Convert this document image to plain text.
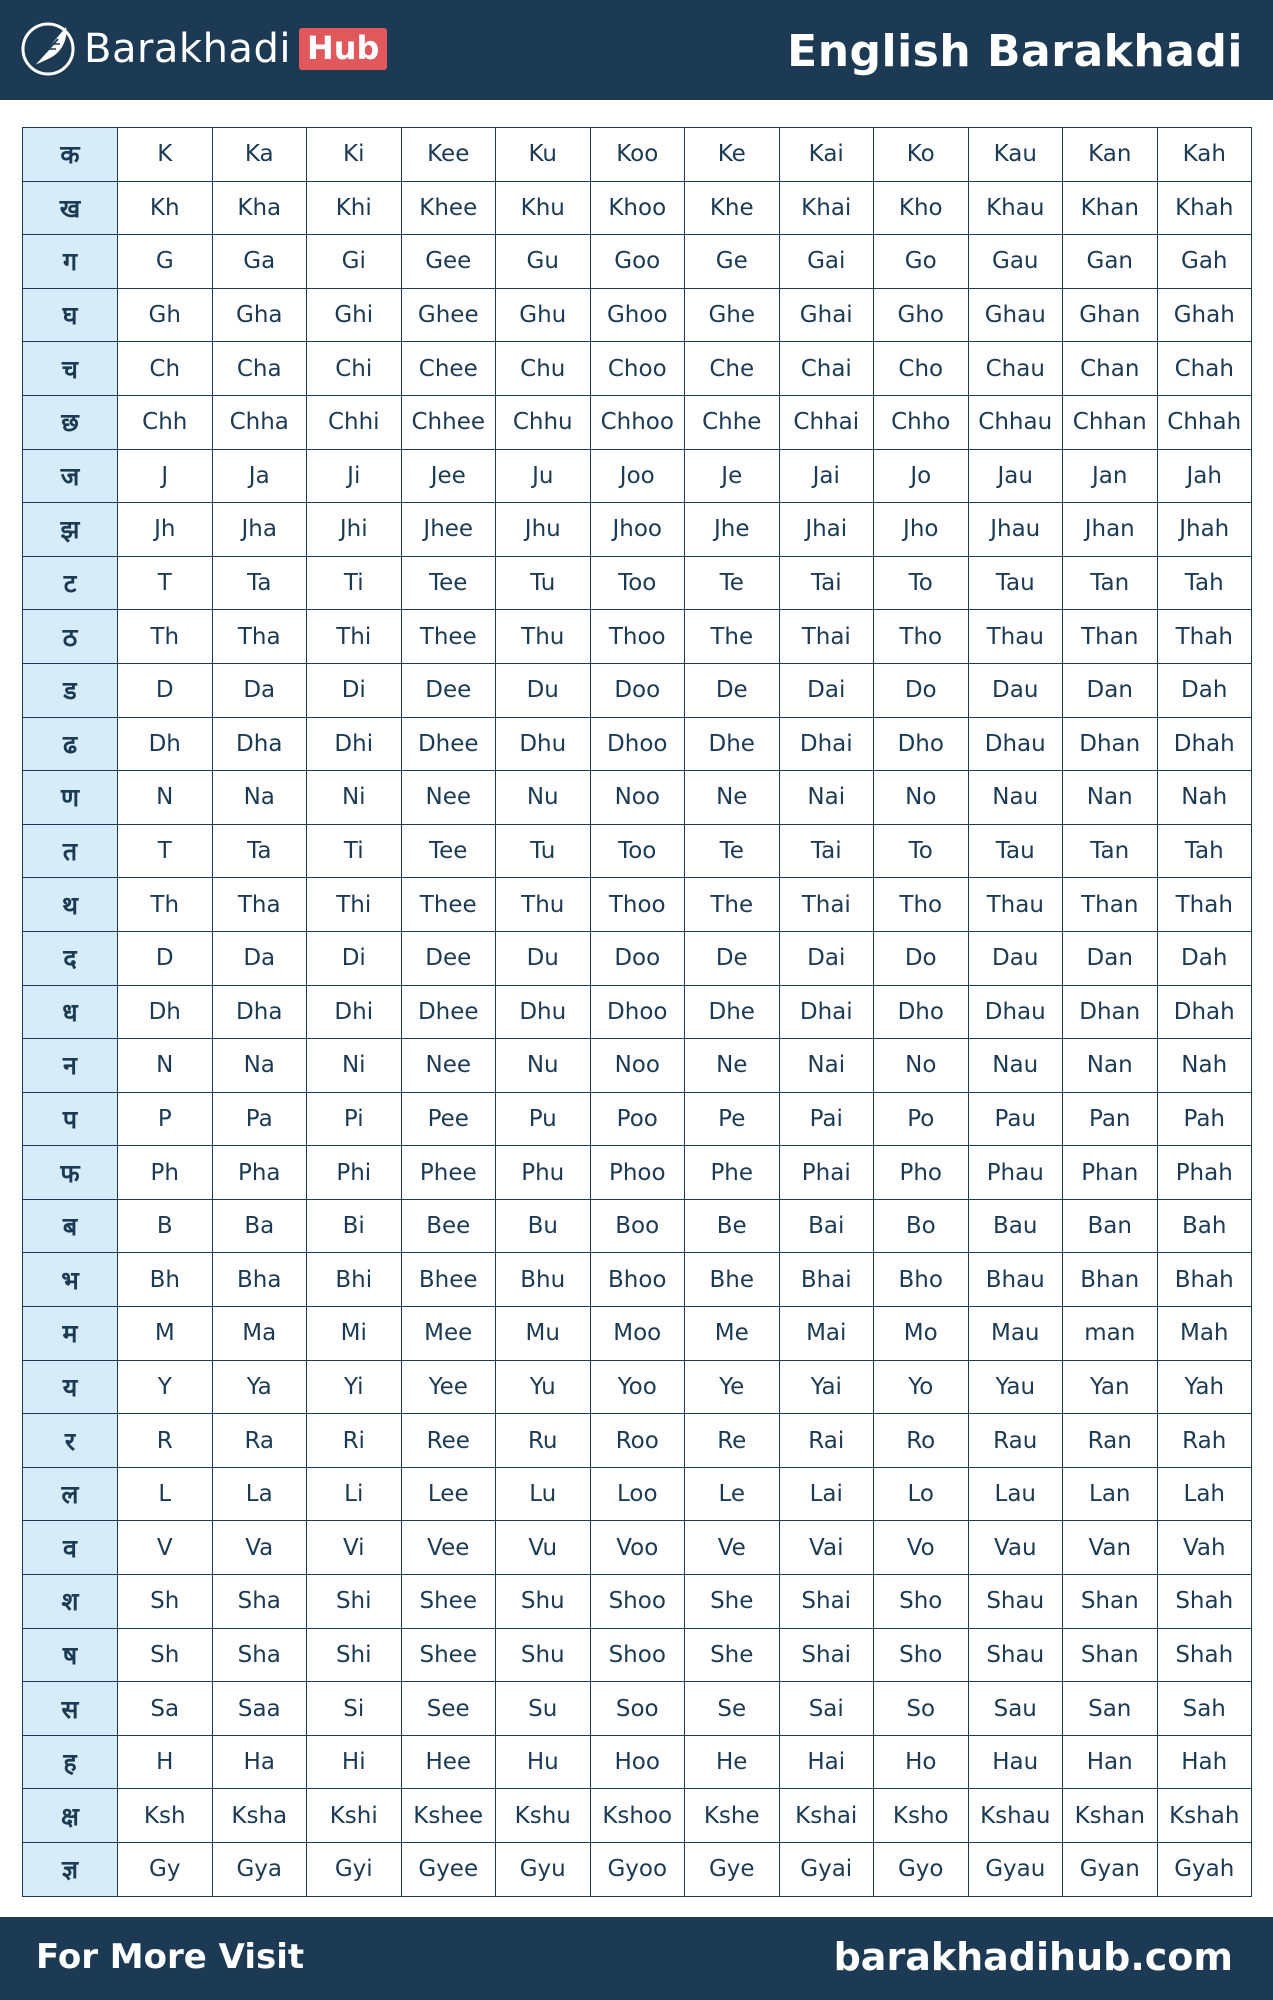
Barakhadi Hub	English Barakhadi
क	K	Ka	Ki	Kee	Ku	Koo	Ke	Kai	Ko	Kau	Kan	Kah
ख	Kh	Kha	Khi	Khee	Khu	Khoo	Khe	Khai	Kho	Khau	Khan	Khah
ग	G	Ga	Gi	Gee	Gu	Goo	Ge	Gai	Go	Gau	Gan	Gah
घ	Gh	Gha	Ghi	Ghee	Ghu	Ghoo	Ghe	Ghai	Gho	Ghau	Ghan	Ghah
च	Ch	Cha	Chi	Chee	Chu	Choo	Che	Chai	Cho	Chau	Chan	Chah
छ	Chh	Chha	Chhi	Chhee	Chhu	Chhoo	Chhe	Chhai	Chho	Chhau	Chhan	Chhah
ज	J	Ja	Ji	Jee	Ju	Joo	Je	Jai	Jo	Jau	Jan	Jah
झ	Jh	Jha	Jhi	Jhee	Jhu	Jhoo	Jhe	Jhai	Jho	Jhau	Jhan	Jhah
ट	T	Ta	Ti	Tee	Tu	Too	Te	Tai	To	Tau	Tan	Tah
ठ	Th	Tha	Thi	Thee	Thu	Thoo	The	Thai	Tho	Thau	Than	Thah
ड	D	Da	Di	Dee	Du	Doo	De	Dai	Do	Dau	Dan	Dah
ढ	Dh	Dha	Dhi	Dhee	Dhu	Dhoo	Dhe	Dhai	Dho	Dhau	Dhan	Dhah
ण	N	Na	Ni	Nee	Nu	Noo	Ne	Nai	No	Nau	Nan	Nah
त	T	Ta	Ti	Tee	Tu	Too	Te	Tai	To	Tau	Tan	Tah
थ	Th	Tha	Thi	Thee	Thu	Thoo	The	Thai	Tho	Thau	Than	Thah
द	D	Da	Di	Dee	Du	Doo	De	Dai	Do	Dau	Dan	Dah
ध	Dh	Dha	Dhi	Dhee	Dhu	Dhoo	Dhe	Dhai	Dho	Dhau	Dhan	Dhah
न	N	Na	Ni	Nee	Nu	Noo	Ne	Nai	No	Nau	Nan	Nah
प	P	Pa	Pi	Pee	Pu	Poo	Pe	Pai	Po	Pau	Pan	Pah
फ	Ph	Pha	Phi	Phee	Phu	Phoo	Phe	Phai	Pho	Phau	Phan	Phah
ब	B	Ba	Bi	Bee	Bu	Boo	Be	Bai	Bo	Bau	Ban	Bah
भ	Bh	Bha	Bhi	Bhee	Bhu	Bhoo	Bhe	Bhai	Bho	Bhau	Bhan	Bhah
म	M	Ma	Mi	Mee	Mu	Moo	Me	Mai	Mo	Mau	man	Mah
य	Y	Ya	Yi	Yee	Yu	Yoo	Ye	Yai	Yo	Yau	Yan	Yah
र	R	Ra	Ri	Ree	Ru	Roo	Re	Rai	Ro	Rau	Ran	Rah
ल	L	La	Li	Lee	Lu	Loo	Le	Lai	Lo	Lau	Lan	Lah
व	V	Va	Vi	Vee	Vu	Voo	Ve	Vai	Vo	Vau	Van	Vah
श	Sh	Sha	Shi	Shee	Shu	Shoo	She	Shai	Sho	Shau	Shan	Shah
ष	Sh	Sha	Shi	Shee	Shu	Shoo	She	Shai	Sho	Shau	Shan	Shah
स	Sa	Saa	Si	See	Su	Soo	Se	Sai	So	Sau	San	Sah
ह	H	Ha	Hi	Hee	Hu	Hoo	He	Hai	Ho	Hau	Han	Hah
क्ष	Ksh	Ksha	Kshi	Kshee	Kshu	Kshoo	Kshe	Kshai	Ksho	Kshau	Kshan	Kshah
ज्ञ	Gy	Gya	Gyi	Gyee	Gyu	Gyoo	Gye	Gyai	Gyo	Gyau	Gyan	Gyah
For More Visit	barakhadihub.com
